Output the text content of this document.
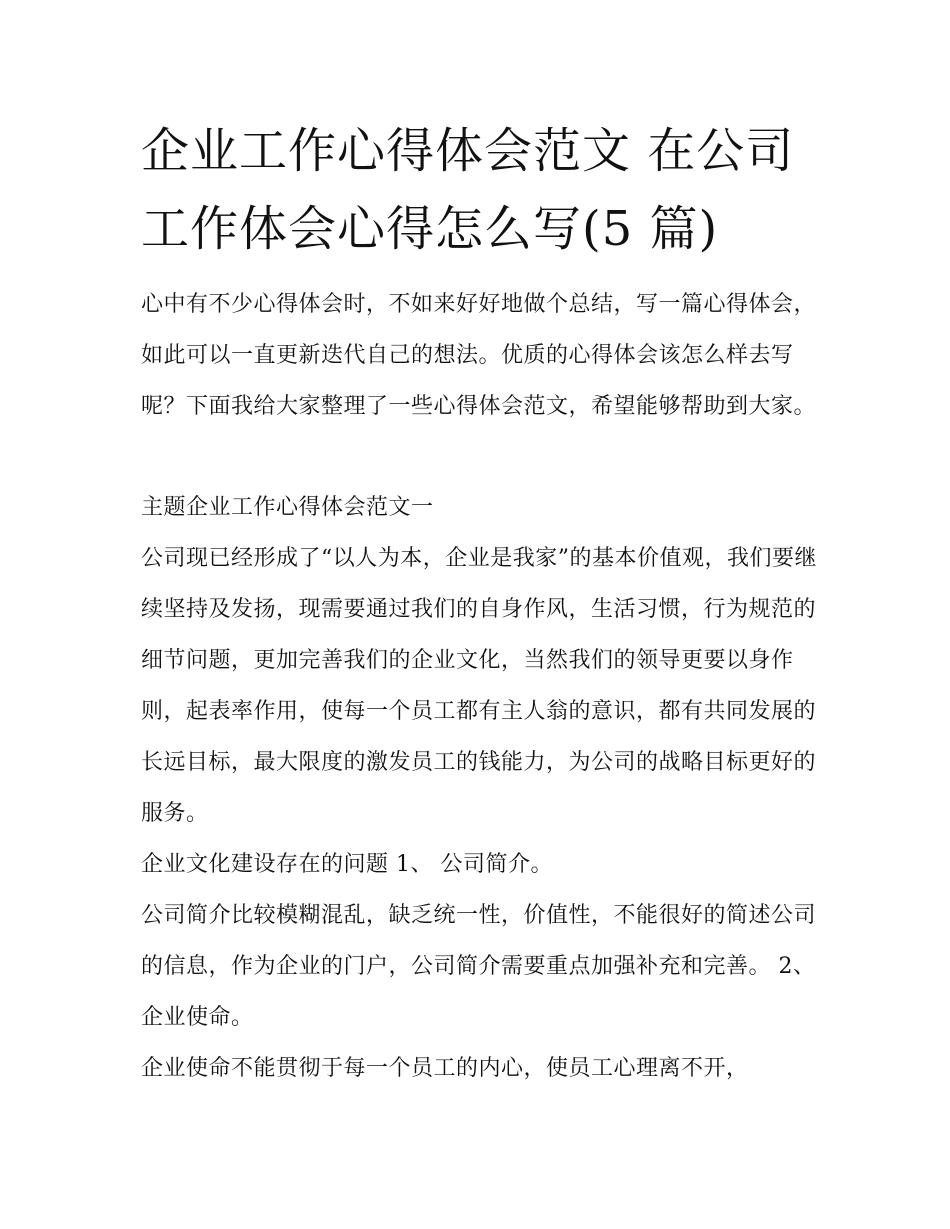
企业工作心得体会范文 在公司工作体会心得怎么写(5 篇)

心中有不少心得体会时，不如来好好地做个总结，写一篇心得体会，如此可以一直更新迭代自己的想法。优质的心得体会该怎么样去写呢？下面我给大家整理了一些心得体会范文，希望能够帮助到大家。

主题企业工作心得体会范文一

公司现已经形成了“以人为本，企业是我家”的基本价值观，我们要继续坚持及发扬，现需要通过我们的自身作风，生活习惯，行为规范的细节问题，更加完善我们的企业文化，当然我们的领导更要以身作则，起表率作用，使每一个员工都有主人翁的意识，都有共同发展的长远目标，最大限度的激发员工的钱能力，为公司的战略目标更好的服务。

企业文化建设存在的问题 1、 公司简介。

公司简介比较模糊混乱，缺乏统一性，价值性，不能很好的简述公司的信息，作为企业的门户，公司简介需要重点加强补充和完善。 2、 企业使命。

企业使命不能贯彻于每一个员工的内心，使员工心理离不开，
